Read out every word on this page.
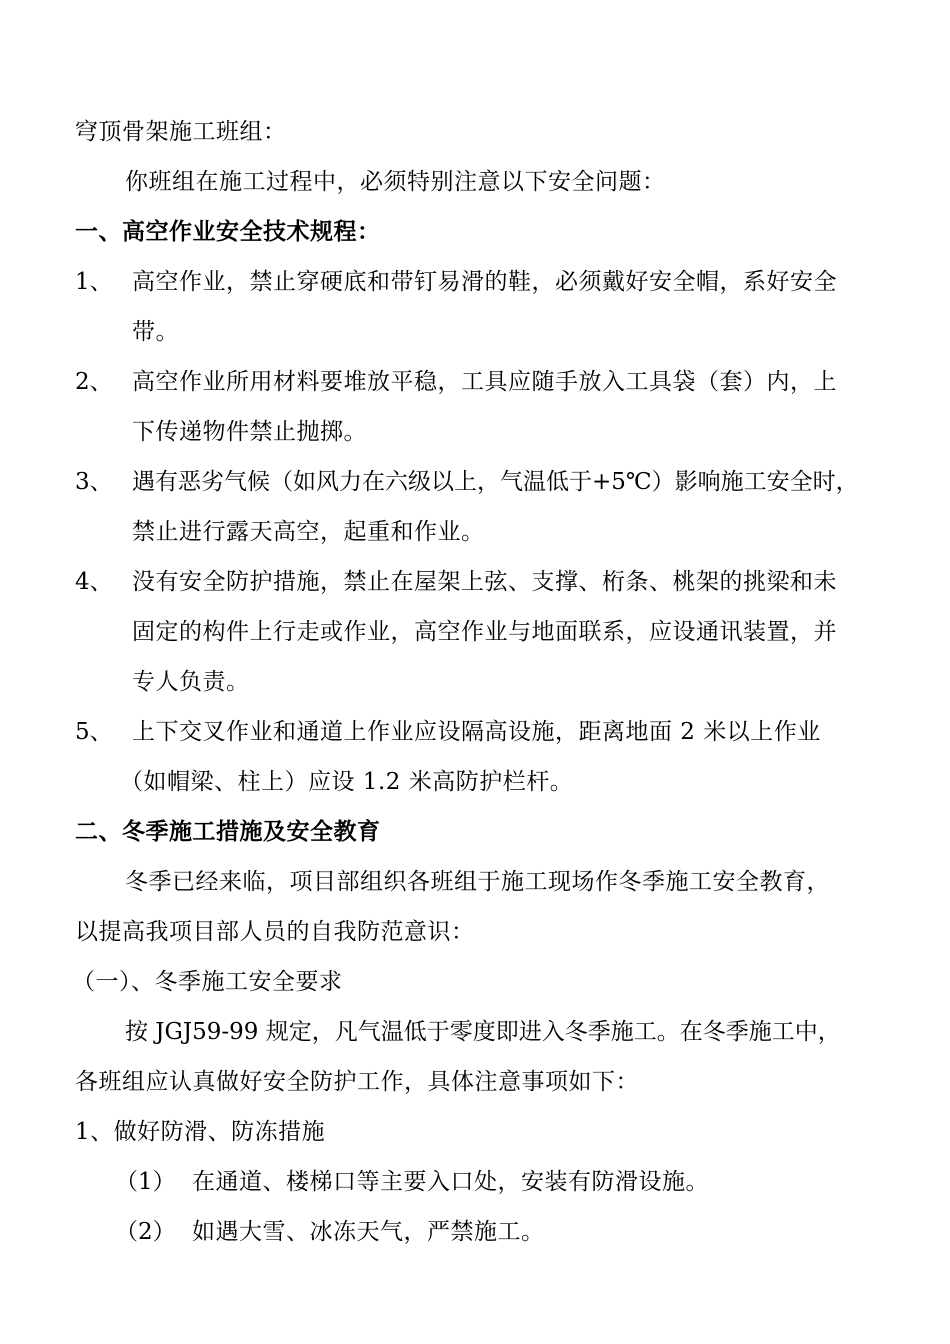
穹顶骨架施工班组：
你班组在施工过程中，必须特别注意以下安全问题：
一、高空作业安全技术规程：
1、 高空作业，禁止穿硬底和带钉易滑的鞋，必须戴好安全帽，系好安全
带。
2、 高空作业所用材料要堆放平稳，工具应随手放入工具袋（套）内，上
下传递物件禁止抛掷。
3、 遇有恶劣气候（如风力在六级以上，气温低于+5℃）影响施工安全时，
禁止进行露天高空，起重和作业。
4、 没有安全防护措施，禁止在屋架上弦、支撑、桁条、桃架的挑梁和未
固定的构件上行走或作业，高空作业与地面联系，应设通讯装置，并
专人负责。
5、 上下交叉作业和通道上作业应设隔高设施，距离地面 2 米以上作业
（如帽梁、柱上）应设 1.2 米高防护栏杆。
二、冬季施工措施及安全教育
冬季已经来临，项目部组织各班组于施工现场作冬季施工安全教育，
以提高我项目部人员的自我防范意识：
（一）、冬季施工安全要求
按 JGJ59-99 规定，凡气温低于零度即进入冬季施工。在冬季施工中，
各班组应认真做好安全防护工作，具体注意事项如下：
1、做好防滑、防冻措施
（1） 在通道、楼梯口等主要入口处，安装有防滑设施。
（2） 如遇大雪、冰冻天气，严禁施工。
